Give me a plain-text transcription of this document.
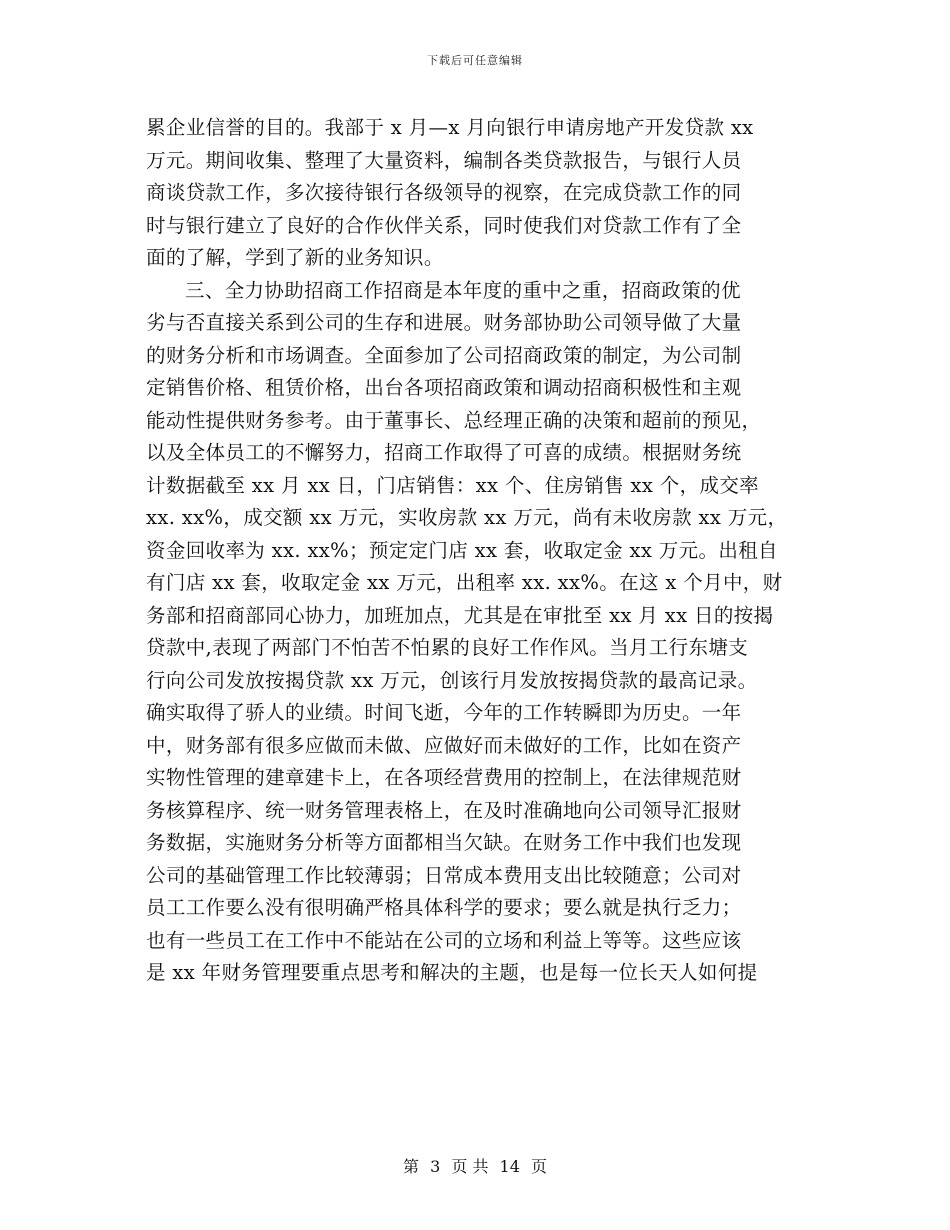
下载后可任意编辑
累企业信誉的目的。我部于 x 月—x 月向银行申请房地产开发贷款 xx
万元。期间收集、整理了大量资料，编制各类贷款报告，与银行人员
商谈贷款工作，多次接待银行各级领导的视察，在完成贷款工作的同
时与银行建立了良好的合作伙伴关系，同时使我们对贷款工作有了全
面的了解，学到了新的业务知识。
三、全力协助招商工作招商是本年度的重中之重，招商政策的优
劣与否直接关系到公司的生存和进展。财务部协助公司领导做了大量
的财务分析和市场调查。全面参加了公司招商政策的制定，为公司制
定销售价格、租赁价格，出台各项招商政策和调动招商积极性和主观
能动性提供财务参考。由于董事长、总经理正确的决策和超前的预见，
以及全体员工的不懈努力，招商工作取得了可喜的成绩。根据财务统
计数据截至 xx 月 xx 日，门店销售：xx 个、住房销售 xx 个，成交率
xx. xx%，成交额 xx 万元，实收房款 xx 万元，尚有未收房款 xx 万元，
资金回收率为 xx. xx%；预定定门店 xx 套，收取定金 xx 万元。出租自
有门店 xx 套，收取定金 xx 万元，出租率 xx. xx%。在这 x 个月中，财
务部和招商部同心协力，加班加点，尤其是在审批至 xx 月 xx 日的按揭
贷款中,表现了两部门不怕苦不怕累的良好工作作风。当月工行东塘支
行向公司发放按揭贷款 xx 万元，创该行月发放按揭贷款的最高记录。
确实取得了骄人的业绩。时间飞逝，今年的工作转瞬即为历史。一年
中，财务部有很多应做而未做、应做好而未做好的工作，比如在资产
实物性管理的建章建卡上，在各项经营费用的控制上，在法律规范财
务核算程序、统一财务管理表格上，在及时准确地向公司领导汇报财
务数据，实施财务分析等方面都相当欠缺。在财务工作中我们也发现
公司的基础管理工作比较薄弱；日常成本费用支出比较随意；公司对
员工工作要么没有很明确严格具体科学的要求；要么就是执行乏力；
也有一些员工在工作中不能站在公司的立场和利益上等等。这些应该
是 xx 年财务管理要重点思考和解决的主题，也是每一位长天人如何提
第 3 页 共 14 页
